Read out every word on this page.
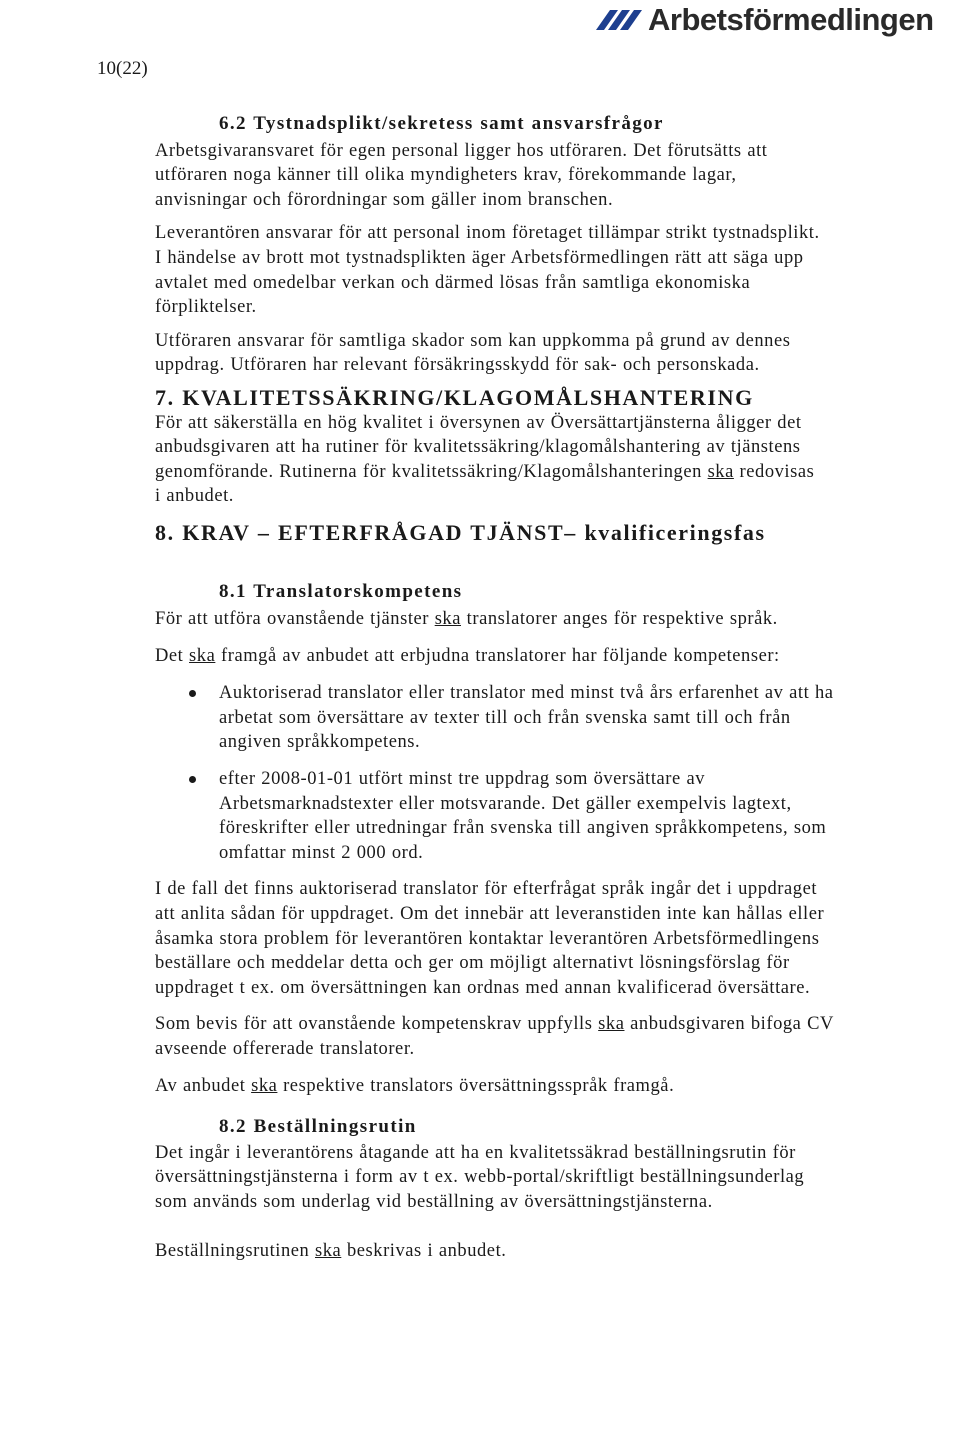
10(22)
Arbetsförmedlingen

6.2 Tystnadsplikt/sekretess samt ansvarsfrågor

Arbetsgivaransvaret för egen personal ligger hos utföraren. Det förutsätts att

utföraren noga känner till olika myndigheters krav, förekommande lagar,

anvisningar och förordningar som gäller inom branschen.

Leverantören ansvarar för att personal inom företaget tillämpar strikt tystnadsplikt.

I händelse av brott mot tystnadsplikten äger Arbetsförmedlingen rätt att säga upp

avtalet med omedelbar verkan och därmed lösas från samtliga ekonomiska

förpliktelser.

Utföraren ansvarar för samtliga skador som kan uppkomma på grund av dennes

uppdrag. Utföraren har relevant försäkringsskydd för sak- och personskada.

7. KVALITETSSÄKRING/KLAGOMÅLSHANTERING

För att säkerställa en hög kvalitet i översynen av Översättartjänsterna åligger det

anbudsgivaren att ha rutiner för kvalitetssäkring/klagomålshantering av tjänstens

genomförande. Rutinerna för kvalitetssäkring/Klagomålshanteringen ska redovisas

i anbudet.

8. KRAV – EFTERFRÅGAD TJÄNST– kvalificeringsfas

8.1 Translatorskompetens

För att utföra ovanstående tjänster ska translatorer anges för respektive språk.

Det ska framgå av anbudet att erbjudna translatorer har följande kompetenser:

Auktoriserad translator eller translator med minst två års erfarenhet av att ha

arbetat som översättare av texter till och från svenska samt till och från

angiven språkkompetens.

efter 2008-01-01 utfört minst tre uppdrag som översättare av

Arbetsmarknadstexter eller motsvarande. Det gäller exempelvis lagtext,

föreskrifter eller utredningar från svenska till angiven språkkompetens, som

omfattar minst 2 000 ord.

I de fall det finns auktoriserad translator för efterfrågat språk ingår det i uppdraget

att anlita sådan för uppdraget. Om det innebär att leveranstiden inte kan hållas eller

åsamka stora problem för leverantören kontaktar leverantören Arbetsförmedlingens

beställare och meddelar detta och ger om möjligt alternativt lösningsförslag för

uppdraget t ex. om översättningen kan ordnas med annan kvalificerad översättare.

Som bevis för att ovanstående kompetenskrav uppfylls ska anbudsgivaren bifoga CV

avseende offererade translatorer.

Av anbudet ska respektive translators översättningsspråk framgå.

8.2 Beställningsrutin

Det ingår i leverantörens åtagande att ha en kvalitetssäkrad beställningsrutin för

översättningstjänsterna i form av t ex. webb-portal/skriftligt beställningsunderlag

som används som underlag vid beställning av översättningstjänsterna.

Beställningsrutinen ska beskrivas i anbudet.
